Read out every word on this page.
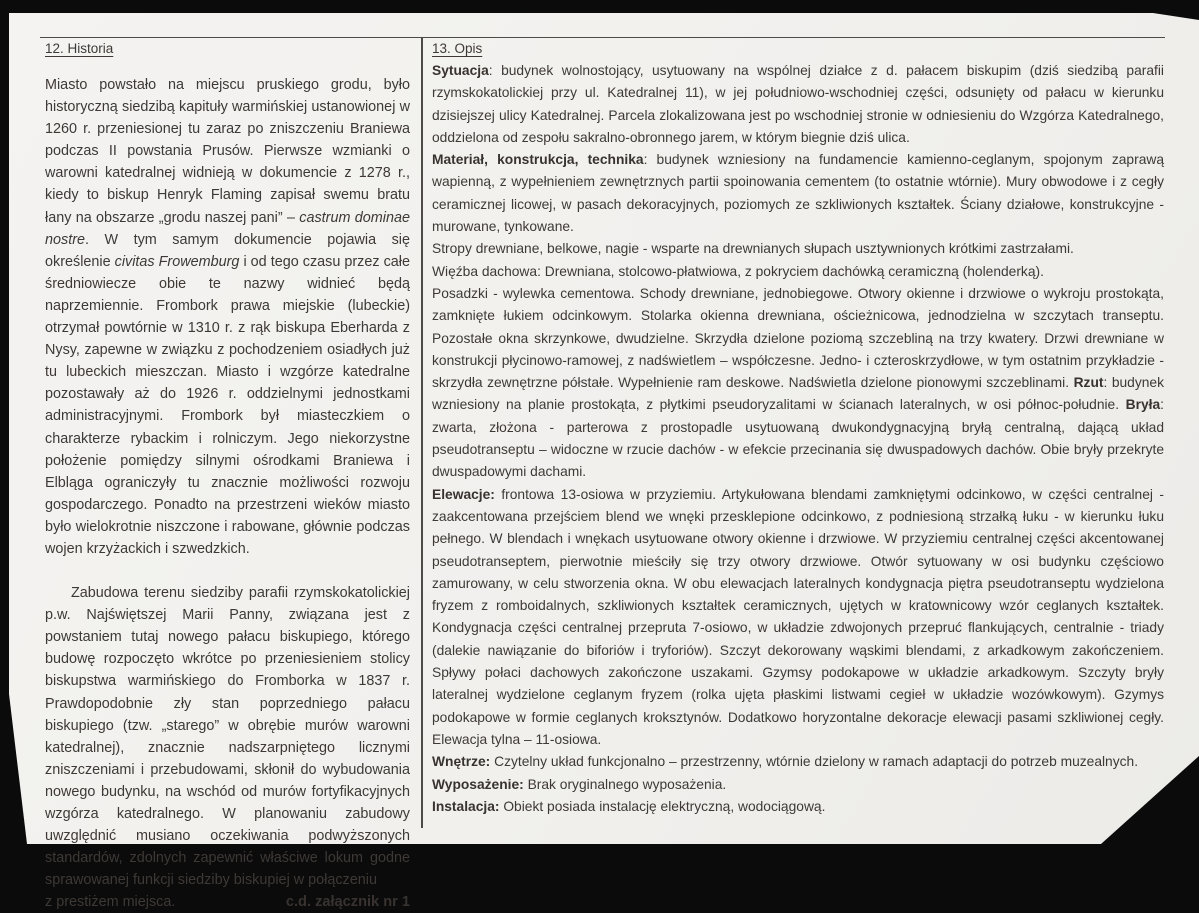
12. Historia

Miasto powstało na miejscu pruskiego grodu, było historyczną siedzibą kapituły warmińskiej ustanowionej w 1260 r. przeniesionej tu zaraz po zniszczeniu Braniewa podczas II powstania Prusów. Pierwsze wzmianki o warowni katedralnej widnieją w dokumencie z 1278 r., kiedy to biskup Henryk Flaming zapisał swemu bratu łany na obszarze „grodu naszej pani” – castrum dominae nostre. W tym samym dokumencie pojawia się określenie civitas Frowemburg i od tego czasu przez całe średniowiecze obie te nazwy widnieć będą naprzemiennie. Frombork prawa miejskie (lubeckie) otrzymał powtórnie w 1310 r. z rąk biskupa Eberharda z Nysy, zapewne w związku z pochodzeniem osiadłych już tu lubeckich mieszczan. Miasto i wzgórze katedralne pozostawały aż do 1926 r. oddzielnymi jednostkami administracyjnymi. Frombork był miasteczkiem o charakterze rybackim i rolniczym. Jego niekorzystne położenie pomiędzy silnymi ośrodkami Braniewa i Elbląga ograniczyły tu znacznie możliwości rozwoju gospodarczego. Ponadto na przestrzeni wieków miasto było wielokrotnie niszczone i rabowane, głównie podczas wojen krzyżackich i szwedzkich.

Zabudowa terenu siedziby parafii rzymskokatolickiej p.w. Najświętszej Marii Panny, związana jest z powstaniem tutaj nowego pałacu biskupiego, którego budowę rozpoczęto wkrótce po przeniesieniem stolicy biskupstwa warmińskiego do Fromborka w 1837 r. Prawdopodobnie zły stan poprzedniego pałacu biskupiego (tzw. „starego” w obrębie murów warowni katedralnej), znacznie nadszarpniętego licznymi zniszczeniami i przebudowami, skłonił do wybudowania nowego budynku, na wschód od murów fortyfikacyjnych wzgórza katedralnego. W planowaniu zabudowy uwzględnić musiano oczekiwania podwyższonych standardów, zdolnych zapewnić właściwe lokum godne sprawowanej funkcji siedziby biskupiej w połączeniu

z prestiżem miejsca.	c.d. załącznik nr 1
13. Opis

Sytuacja: budynek wolnostojący, usytuowany na wspólnej działce z d. pałacem biskupim (dziś siedzibą parafii rzymskokatolickiej przy ul. Katedralnej 11), w jej południowo-wschodniej części, odsunięty od pałacu w kierunku dzisiejszej ulicy Katedralnej. Parcela zlokalizowana jest po wschodniej stronie w odniesieniu do Wzgórza Katedralnego, oddzielona od zespołu sakralno-obronnego jarem, w którym biegnie dziś ulica.

Materiał, konstrukcja, technika: budynek wzniesiony na fundamencie kamienno-ceglanym, spojonym zaprawą wapienną, z wypełnieniem zewnętrznych partii spoinowania cementem (to ostatnie wtórnie). Mury obwodowe i z cegły ceramicznej licowej, w pasach dekoracyjnych, poziomych ze szkliwionych kształtek. Ściany działowe, konstrukcyjne - murowane, tynkowane.

Stropy drewniane, belkowe, nagie - wsparte na drewnianych słupach usztywnionych krótkimi zastrzałami.

Więźba dachowa: Drewniana, stolcowo-płatwiowa, z pokryciem dachówką ceramiczną (holenderką).

Posadzki - wylewka cementowa. Schody drewniane, jednobiegowe. Otwory okienne i drzwiowe o wykroju prostokąta, zamknięte łukiem odcinkowym. Stolarka okienna drewniana, ościeżnicowa, jednodzielna w szczytach transeptu. Pozostałe okna skrzynkowe, dwudzielne. Skrzydła dzielone poziomą szczebliną na trzy kwatery. Drzwi drewniane w konstrukcji płycinowo-ramowej, z nadświetlem – współczesne. Jedno- i czteroskrzydłowe, w tym ostatnim przykładzie - skrzydła zewnętrzne półstałe. Wypełnienie ram deskowe. Nadświetla dzielone pionowymi szczeblinami. Rzut: budynek wzniesiony na planie prostokąta, z płytkimi pseudoryzalitami w ścianach lateralnych, w osi północ-południe. Bryła: zwarta, złożona - parterowa z prostopadle usytuowaną dwukondygnacyjną bryłą centralną, dającą układ pseudotranseptu – widoczne w rzucie dachów - w efekcie przecinania się dwuspadowych dachów. Obie bryły przekryte dwuspadowymi dachami.

Elewacje: frontowa 13-osiowa w przyziemiu. Artykułowana blendami zamkniętymi odcinkowo, w części centralnej - zaakcentowana przejściem blend we wnęki przesklepione odcinkowo, z podniesioną strzałką łuku - w kierunku łuku pełnego. W blendach i wnękach usytuowane otwory okienne i drzwiowe. W przyziemiu centralnej części akcentowanej pseudotranseptem, pierwotnie mieściły się trzy otwory drzwiowe. Otwór sytuowany w osi budynku częściowo zamurowany, w celu stworzenia okna. W obu elewacjach lateralnych kondygnacja piętra pseudotranseptu wydzielona fryzem z romboidalnych, szkliwionych kształtek ceramicznych, ujętych w kratownicowy wzór ceglanych kształtek. Kondygnacja części centralnej przepruta 7-osiowo, w układzie zdwojonych przepruć flankujących, centralnie - triady (dalekie nawiązanie do biforiów i tryforiów). Szczyt dekorowany wąskimi blendami, z arkadkowym zakończeniem. Spływy połaci dachowych zakończone uszakami. Gzymsy podokapowe w układzie arkadkowym. Szczyty bryły lateralnej wydzielone ceglanym fryzem (rolka ujęta płaskimi listwami cegieł w układzie wozówkowym). Gzymys podokapowe w formie ceglanych kroksztynów. Dodatkowo horyzontalne dekoracje elewacji pasami szkliwionej cegły. Elewacja tylna – 11-osiowa.

Wnętrze: Czytelny układ funkcjonalno – przestrzenny, wtórnie dzielony w ramach adaptacji do potrzeb muzealnych.

Wyposażenie: Brak oryginalnego wyposażenia.

Instalacja: Obiekt posiada instalację elektryczną, wodociągową.
